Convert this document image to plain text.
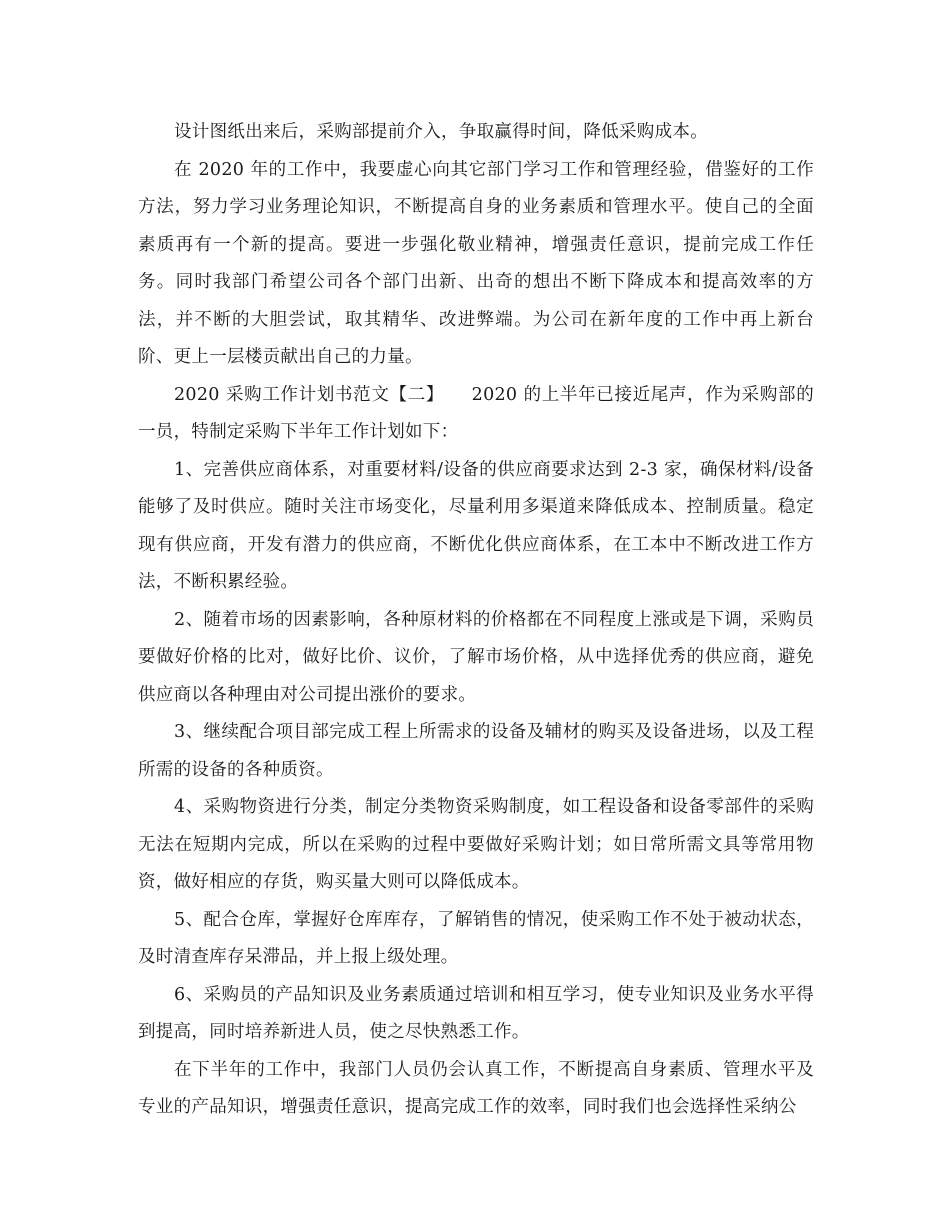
设计图纸出来后，采购部提前介入，争取赢得时间，降低采购成本。

在 2020 年的工作中，我要虚心向其它部门学习工作和管理经验，借鉴好的工作方法，努力学习业务理论知识，不断提高自身的业务素质和管理水平。使自己的全面素质再有一个新的提高。要进一步强化敬业精神，增强责任意识，提前完成工作任务。同时我部门希望公司各个部门出新、出奇的想出不断下降成本和提高效率的方法，并不断的大胆尝试，取其精华、改进弊端。为公司在新年度的工作中再上新台阶、更上一层楼贡献出自己的力量。

2020 采购工作计划书范文【二】　　2020 的上半年已接近尾声，作为采购部的一员，特制定采购下半年工作计划如下：

1、完善供应商体系，对重要材料/设备的供应商要求达到 2-3 家，确保材料/设备能够了及时供应。随时关注市场变化，尽量利用多渠道来降低成本、控制质量。稳定现有供应商，开发有潜力的供应商，不断优化供应商体系，在工本中不断改进工作方法，不断积累经验。

2、随着市场的因素影响，各种原材料的价格都在不同程度上涨或是下调，采购员要做好价格的比对，做好比价、议价，了解市场价格，从中选择优秀的供应商，避免供应商以各种理由对公司提出涨价的要求。

3、继续配合项目部完成工程上所需求的设备及辅材的购买及设备进场，以及工程所需的设备的各种质资。

4、采购物资进行分类，制定分类物资采购制度，如工程设备和设备零部件的采购无法在短期内完成，所以在采购的过程中要做好采购计划；如日常所需文具等常用物资，做好相应的存货，购买量大则可以降低成本。

5、配合仓库，掌握好仓库库存，了解销售的情况，使采购工作不处于被动状态，及时清查库存呆滞品，并上报上级处理。

6、采购员的产品知识及业务素质通过培训和相互学习，使专业知识及业务水平得到提高，同时培养新进人员，使之尽快熟悉工作。

在下半年的工作中，我部门人员仍会认真工作，不断提高自身素质、管理水平及专业的产品知识，增强责任意识，提高完成工作的效率，同时我们也会选择性采纳公
